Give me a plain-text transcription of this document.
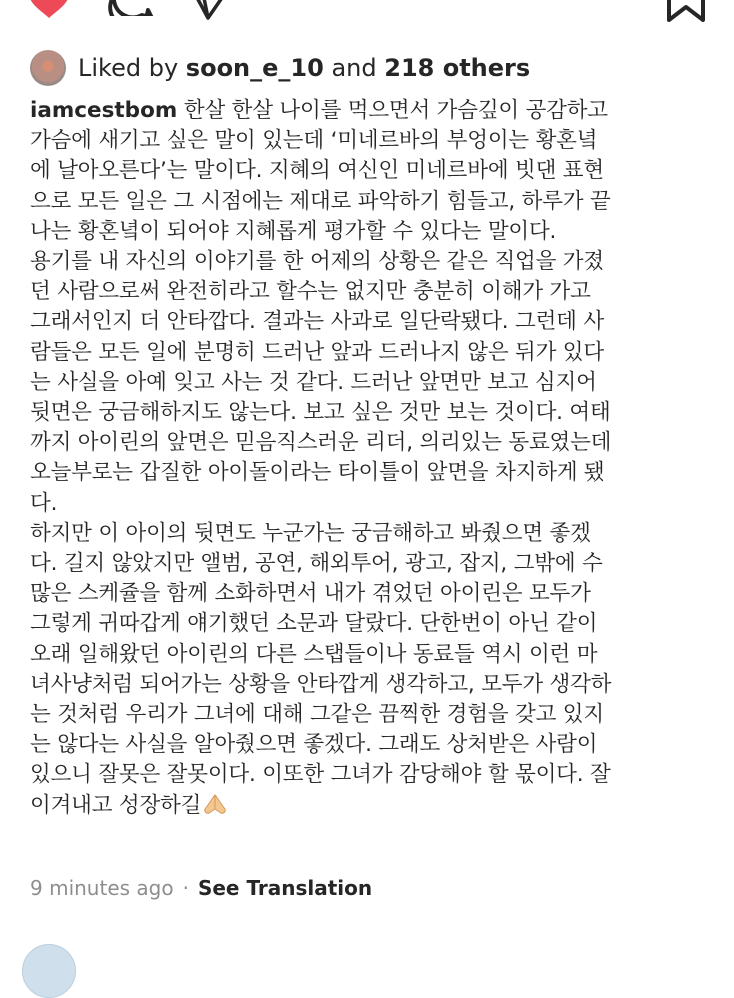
Liked by soon_e_10 and 218 others
iamcestbom 한살 한살 나이를 먹으면서 가슴깊이 공감하고
가슴에 새기고 싶은 말이 있는데 ‘미네르바의 부엉이는 황혼녘
에 날아오른다’는 말이다. 지혜의 여신인 미네르바에 빗댄 표현
으로 모든 일은 그 시점에는 제대로 파악하기 힘들고, 하루가 끝
나는 황혼녘이 되어야 지혜롭게 평가할 수 있다는 말이다.
용기를 내 자신의 이야기를 한 어제의 상황은 같은 직업을 가졌
던 사람으로써 완전히라고 할수는 없지만 충분히 이해가 가고
그래서인지 더 안타깝다. 결과는 사과로 일단락됐다. 그런데 사
람들은 모든 일에 분명히 드러난 앞과 드러나지 않은 뒤가 있다
는 사실을 아예 잊고 사는 것 같다. 드러난 앞면만 보고 심지어
뒷면은 궁금해하지도 않는다. 보고 싶은 것만 보는 것이다. 여태
까지 아이린의 앞면은 믿음직스러운 리더, 의리있는 동료였는데
오늘부로는 갑질한 아이돌이라는 타이틀이 앞면을 차지하게 됐
다.
하지만 이 아이의 뒷면도 누군가는 궁금해하고 봐줬으면 좋겠
다. 길지 않았지만 앨범, 공연, 해외투어, 광고, 잡지, 그밖에 수
많은 스케쥴을 함께 소화하면서 내가 겪었던 아이린은 모두가
그렇게 귀따갑게 얘기했던 소문과 달랐다. 단한번이 아닌 같이
오래 일해왔던 아이린의 다른 스탭들이나 동료들 역시 이런 마
녀사냥처럼 되어가는 상황을 안타깝게 생각하고, 모두가 생각하
는 것처럼 우리가 그녀에 대해 그같은 끔찍한 경험을 갖고 있지
는 않다는 사실을 알아줬으면 좋겠다. 그래도 상처받은 사람이
있으니 잘못은 잘못이다. 이또한 그녀가 감당해야 할 몫이다. 잘
이겨내고 성장하길
9 minutes ago · See Translation
